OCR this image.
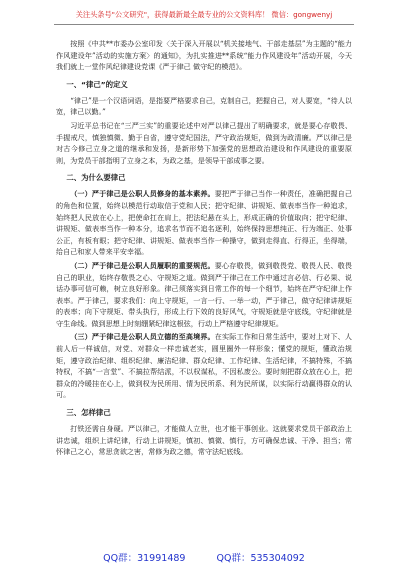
关注头条号"公文研究"，获得最新最全最专业的公文资料库！ 微信：gongwenyj

按照《中共**市委办公室印发〈关于深入开展以“机关接地气、干部走基层”为主题的“能力作风建设年”活动的实施方案〉的通知》，为扎实推进**系统“能力作风建设年”活动开展，今天我们就上一堂作风纪律建设党课《严于律己 做守纪的模范》。

一、“律己”的定义

“律己”是一个汉语词语，是指要严格要求自己，克制自己，把握自己，对人要宽，“待人以宽，律己以勤。”

习近平总书记在“三严三实”的重要论述中对严以律己提出了明确要求，就是要心存敬畏、手握戒尺，慎独慎微、勤于自省，遵守党纪国法，严守政治规矩，做到为政清廉。严以律己是对古今修己立身之道的继承和发扬，是新形势下加强党的思想政治建设和作风建设的重要原则，为党员干部指明了立身之本，为政之基，是领导干部成事之要。

二、为什么要律己

（一）严于律己是公职人员修身的基本素养。要把严于律己当作一种责任，准确把握自己的角色和位置，始终以模范行动取信于党和人民；把守纪律、讲规矩、做表率当作一种追求，始终把人民放在心上，把使命扛在肩上，把法纪悬在头上，形成正确的价值取向；把守纪律、讲规矩、做表率当作一种本分，追求名节而不追名逐利，始终保持思想纯正、行为端正、处事公正，有板有眼；把守纪律、讲规矩、做表率当作一种操守，做到走得直、行得正，坐得端，给自己和家人带来平安幸福。

（二）严于律己是公职人员履职的重要规范。要心存敬畏，做到敬畏党、敬畏人民、敬畏自己的职业，始终存敬畏之心、守规矩之道。做到严于律己在工作中通过言必信、行必果、说话办事可信可赖，树立良好形象。律己须落实到日常工作的每一个细节，始终在严守纪律上作表率。严于律己，要求我们：向上守规矩，一言一行、一举一动，严于律己，做守纪律讲规矩的表率；向下守规矩、带头执行，形成上行下效的良好风气，守规矩就是守底线，守纪律就是守生命线。做到思想上时刻绷紧纪律这根弦，行动上严格遵守纪律规矩。

（三）严于律己是公职人员立德的至高境界。在实际工作和日常生活中，要对上对下、人前人后一样诚信，对党、对群众一样忠诚老实，圆里圈外一样形象；懂党的规矩，懂政治规矩，遵守政治纪律、组织纪律、廉洁纪律、群众纪律、工作纪律、生活纪律，不搞特殊，不搞特权，不搞“一言堂”、不搞拉帮结派，不以权谋私，不因私废公。要时刻把群众放在心上，把群众的冷暖挂在心上，做到权为民所用、情为民所系、利为民所谋，以实际行动赢得群众的认可。

三、怎样律己

打铁还需自身硬。严以律己，才能做人立世，也才能干事创业。这就要求党员干部政治上讲忠诚，组织上讲纪律，行动上讲规矩，慎初、慎微、慎行，方可确保忠诚、干净、担当；常怀律己之心，常思贪欲之害，常修为政之德，常守法纪底线。

QQ群：31991489	QQ群：535304092
